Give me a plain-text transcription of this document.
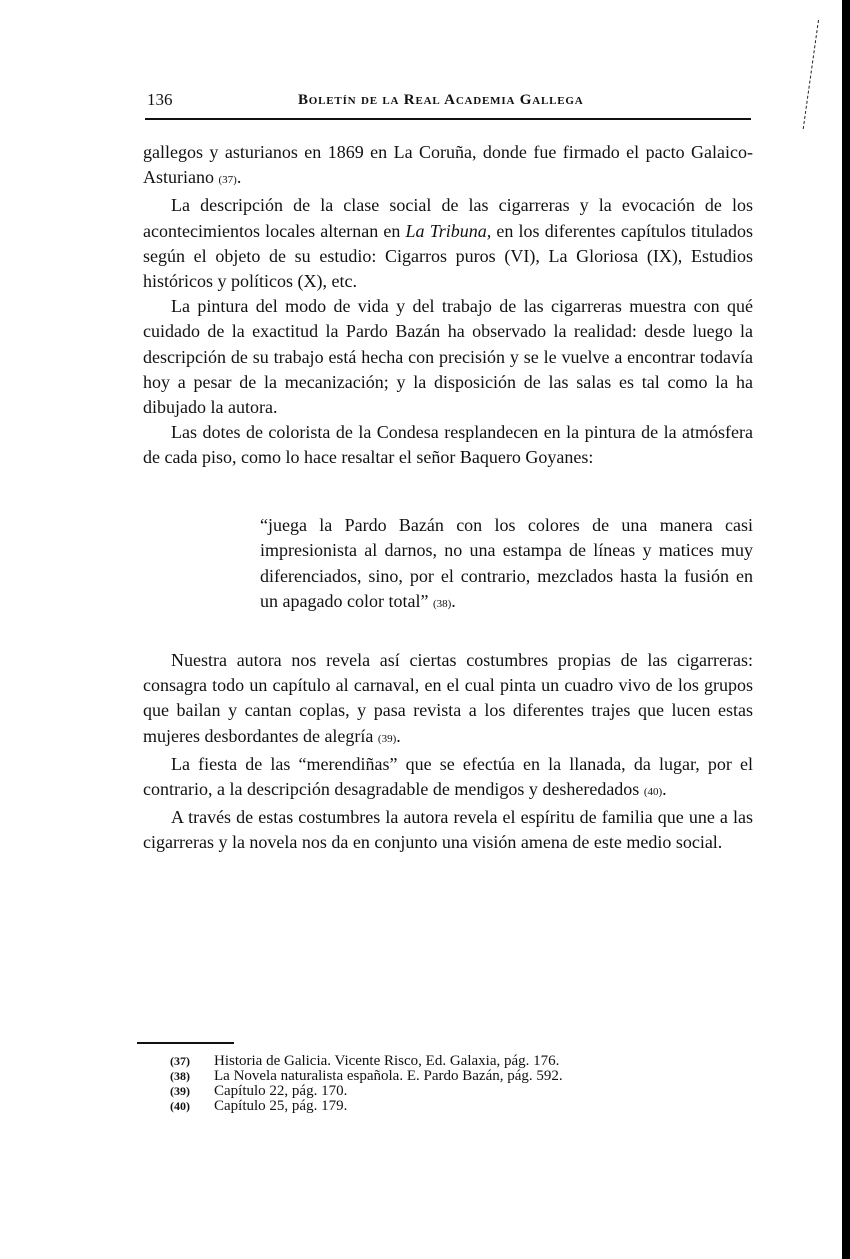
136	Boletín de la Real Academia Gallega

gallegos y asturianos en 1869 en La Coruña, donde fue firmado el pacto Galaico-Asturiano (37).

La descripción de la clase social de las cigarreras y la evocación de los acontecimientos locales alternan en La Tribuna, en los diferentes capítulos titulados según el objeto de su estudio: Cigarros puros (VI), La Gloriosa (IX), Estudios históricos y políticos (X), etc.

La pintura del modo de vida y del trabajo de las cigarreras muestra con qué cuidado de la exactitud la Pardo Bazán ha observado la realidad: desde luego la descripción de su trabajo está hecha con precisión y se le vuelve a encontrar todavía hoy a pesar de la mecanización; y la disposición de las salas es tal como la ha dibujado la autora.

Las dotes de colorista de la Condesa resplandecen en la pintura de la atmósfera de cada piso, como lo hace resaltar el señor Baquero Goyanes:

“juega la Pardo Bazán con los colores de una manera casi impresionista al darnos, no una estampa de líneas y matices muy diferenciados, sino, por el contrario, mezclados hasta la fusión en un apagado color total” (38).

Nuestra autora nos revela así ciertas costumbres propias de las cigarreras: consagra todo un capítulo al carnaval, en el cual pinta un cuadro vivo de los grupos que bailan y cantan coplas, y pasa revista a los diferentes trajes que lucen estas mujeres desbordantes de alegría (39).

La fiesta de las “merendiñas” que se efectúa en la llanada, da lugar, por el contrario, a la descripción desagradable de mendigos y desheredados (40).

A través de estas costumbres la autora revela el espíritu de familia que une a las cigarreras y la novela nos da en conjunto una visión amena de este medio social.

(37)	Historia de Galicia. Vicente Risco, Ed. Galaxia, pág. 176.
(38)	La Novela naturalista española. E. Pardo Bazán, pág. 592.
(39)	Capítulo 22, pág. 170.
(40)	Capítulo 25, pág. 179.
